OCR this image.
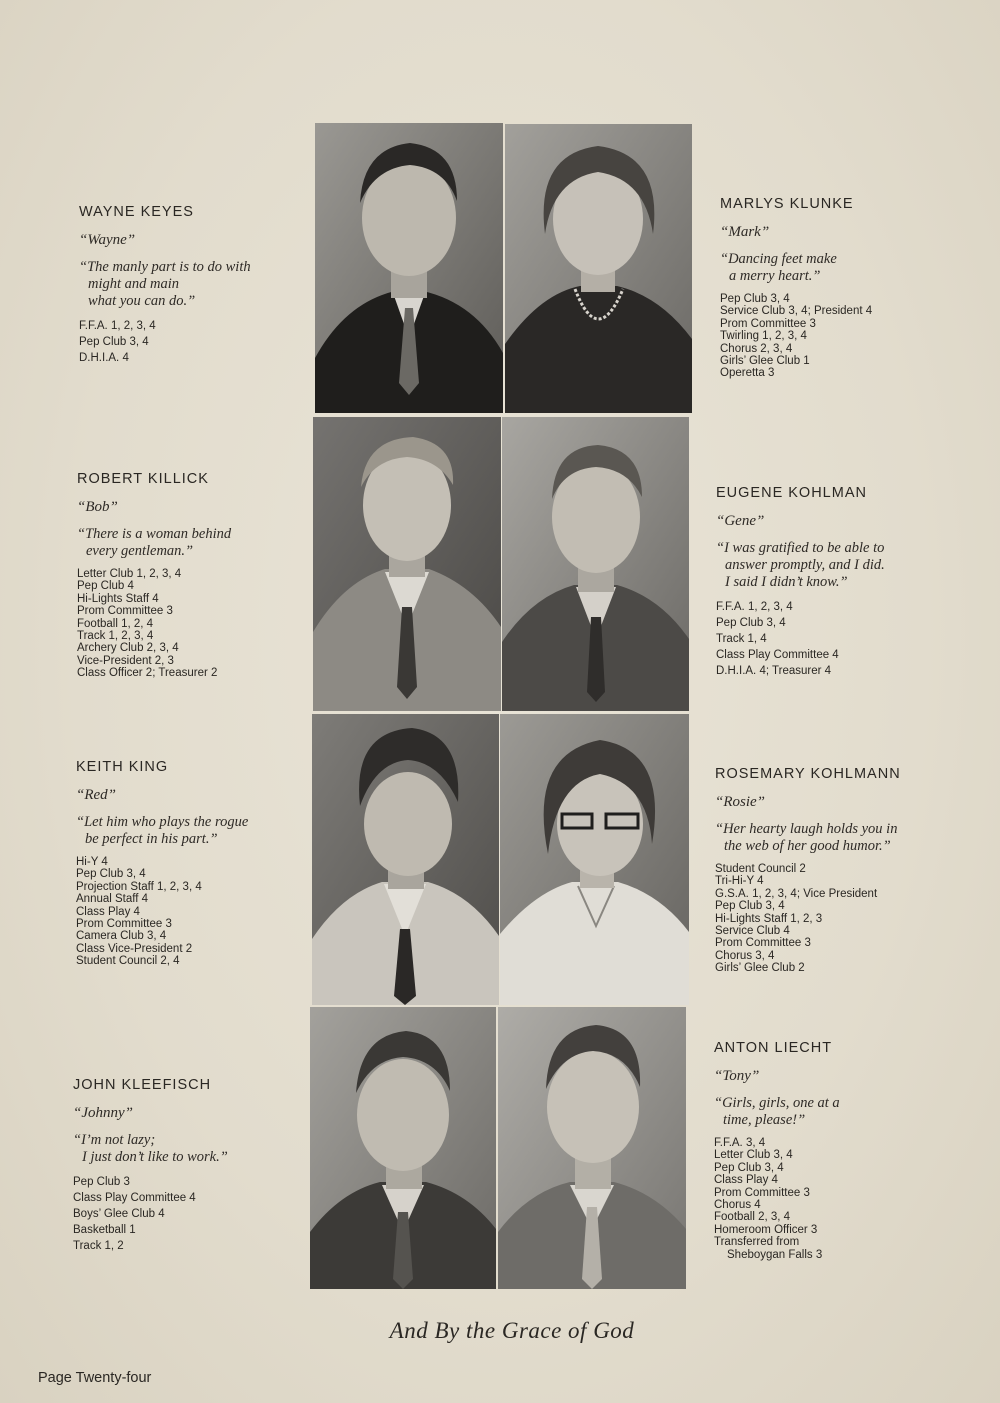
WAYNE KEYES
“Wayne”
“The manly part is to do with
might and main
what you can do.”
F.F.A. 1, 2, 3, 4
Pep Club 3, 4
D.H.I.A. 4
MARLYS KLUNKE
“Mark”
“Dancing feet make
a merry heart.”
Pep Club 3, 4
Service Club 3, 4; President 4
Prom Committee 3
Twirling 1, 2, 3, 4
Chorus 2, 3, 4
Girls’ Glee Club 1
Operetta 3
ROBERT KILLICK
“Bob”
“There is a woman behind
every gentleman.”
Letter Club 1, 2, 3, 4
Pep Club 4
Hi-Lights Staff 4
Prom Committee 3
Football 1, 2, 4
Track 1, 2, 3, 4
Archery Club 2, 3, 4
Vice-President 2, 3
Class Officer 2; Treasurer 2
EUGENE KOHLMAN
“Gene”
“I was gratified to be able to
answer promptly, and I did.
I said I didn’t know.”
F.F.A. 1, 2, 3, 4
Pep Club 3, 4
Track 1, 4
Class Play Committee 4
D.H.I.A. 4; Treasurer 4
KEITH KING
“Red”
“Let him who plays the rogue
be perfect in his part.”
Hi-Y 4
Pep Club 3, 4
Projection Staff 1, 2, 3, 4
Annual Staff 4
Class Play 4
Prom Committee 3
Camera Club 3, 4
Class Vice-President 2
Student Council 2, 4
ROSEMARY KOHLMANN
“Rosie”
“Her hearty laugh holds you in
the web of her good humor.”
Student Council 2
Tri-Hi-Y 4
G.S.A. 1, 2, 3, 4; Vice President
Pep Club 3, 4
Hi-Lights Staff 1, 2, 3
Service Club 4
Prom Committee 3
Chorus 3, 4
Girls’ Glee Club 2
JOHN KLEEFISCH
“Johnny”
“I’m not lazy;
I just don’t like to work.”
Pep Club 3
Class Play Committee 4
Boys’ Glee Club 4
Basketball 1
Track 1, 2
ANTON LIECHT
“Tony”
“Girls, girls, one at a
time, please!”
F.F.A. 3, 4
Letter Club 3, 4
Pep Club 3, 4
Class Play 4
Prom Committee 3
Chorus 4
Football 2, 3, 4
Homeroom Officer 3
Transferred from
Sheboygan Falls 3
And By the Grace of God
Page Twenty-four
